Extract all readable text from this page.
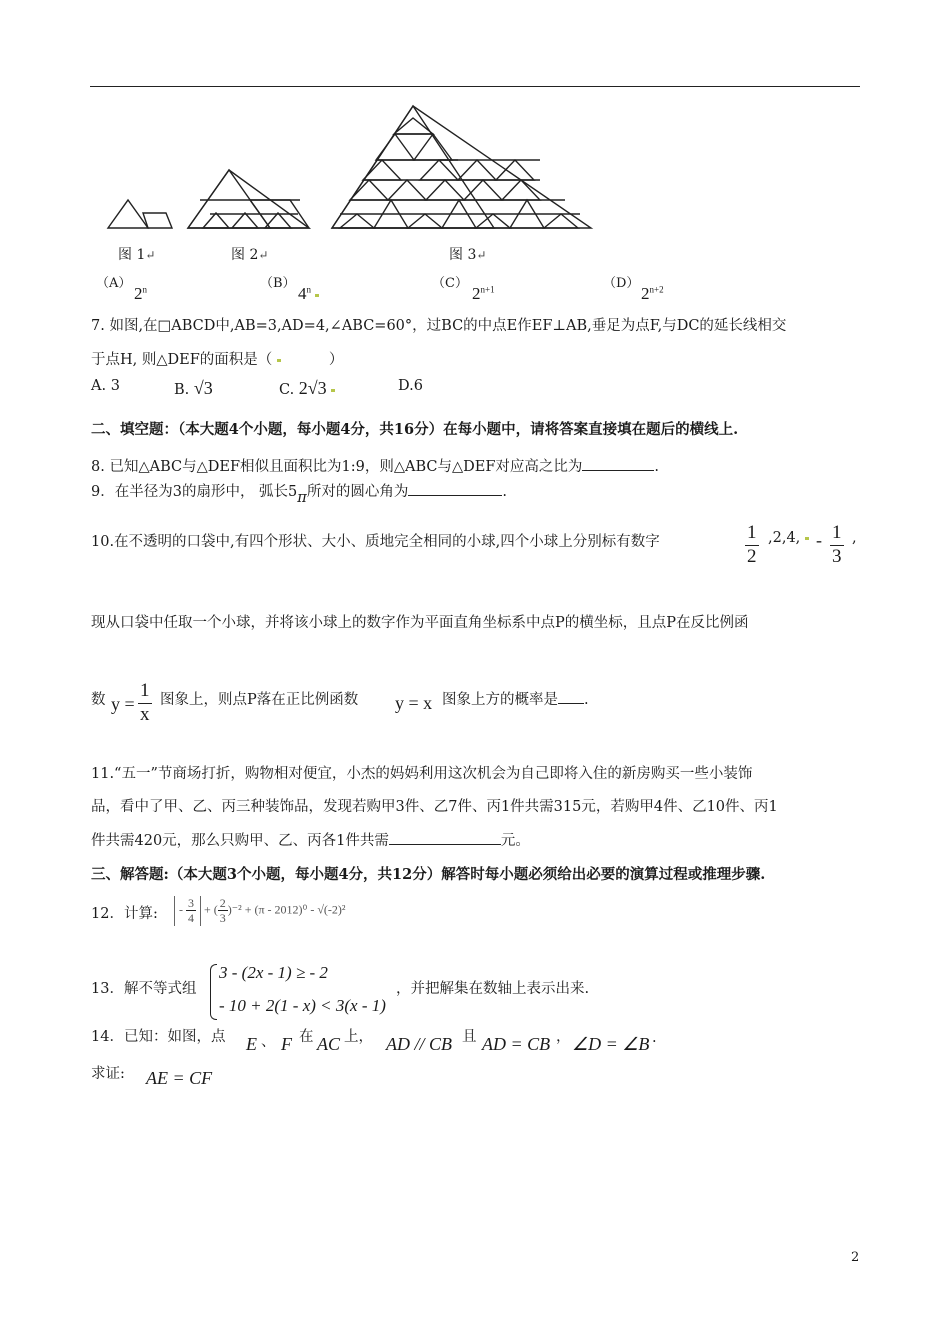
图 1↵	图 2↵	图 3↵
（A）
2$^n$	（B）
4$^n$	（C）
$2^{n+1}$	（D）
$2^{n+2}$
7. 如图,在□ABCD中,AB=3,AD=4,∠ABC=60°，过BC的中点E作EF⊥AB,垂足为点F,与DC的延长线相交
于点H, 则△DEF的面积是（	）
A. 3	B. √3	C. 2√3	D.6
二、填空题：（本大题4个小题，每小题4分，共16分）在每小题中，请将答案直接填在题后的横线上.
8. 已知△ABC与△DEF相似且面积比为1:9，则△ABC与△DEF对应高之比为	.
9．在半径为3的扇形中， 弧长5π所对的圆心角为	.
10.在不透明的口袋中,有四个形状、大小、质地完全相同的小球,四个小球上分别标有数字	$\frac{1}{2} ,2,4$, - $\frac{1}{3}$ ,
现从口袋中任取一个小球，并将该小球上的数字作为平面直角坐标系中点P的横坐标，且点P在反比例函
数 $y = \frac{1}{x}$ 图象上，则点P落在正比例函数 y = x 图象上方的概率是 .
11.“五一”节商场打折，购物相对便宜，小杰的妈妈利用这次机会为自己即将入住的新房购买一些小装饰
品，看中了甲、乙、丙三种装饰品，发现若购甲3件、乙7件、丙1件共需315元，若购甲4件、乙10件、丙1
件共需420元，那么只购甲、乙、丙各1件共需	元。
三、解答题:（本大题3个小题，每小题4分，共12分）解答时每小题必须给出必要的演算过程或推理步骤.
12．计算:	- $\frac{3}{4}$ + ( $\frac{2}{3} )^{-2} + (\pi - 2012)^0 - √(-2)^2$
13．解不等式组
3 - (2x - 1) ≥ - 2
- 10 + 2(1 - x) < 3(x - 1)
，并把解集在数轴上表示出来.
14．已知：如图，点 E 、 F 在 AC 上， AD // CB 且 AD = CB ， ∠D = ∠B .
求证: AE = CF
2
